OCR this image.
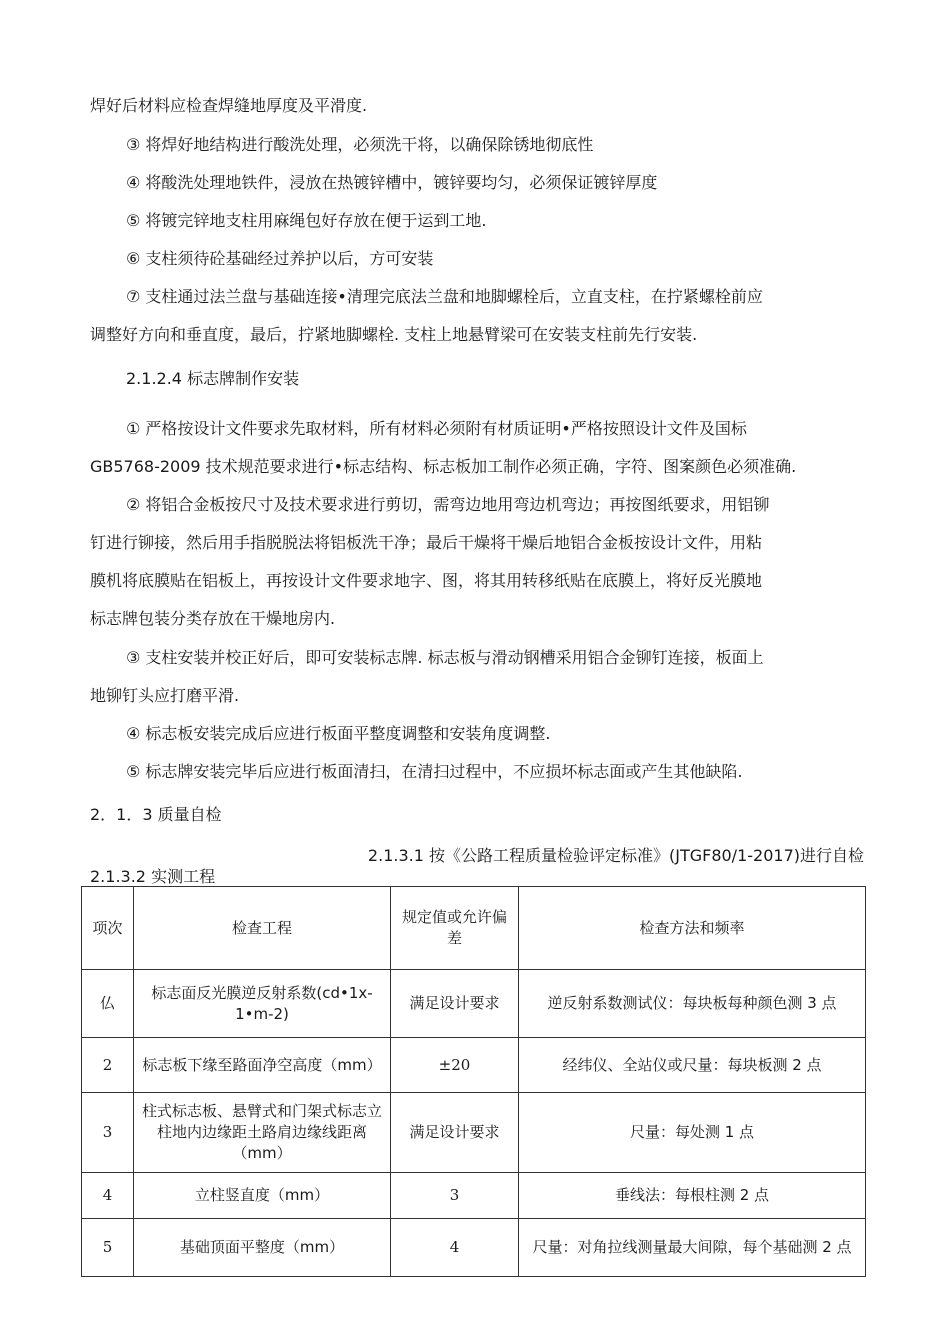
焊好后材料应检查焊缝地厚度及平滑度.
③ 将焊好地结构进行酸洗处理，必须洗干将，以确保除锈地彻底性
④ 将酸洗处理地铁件，浸放在热镀锌槽中，镀锌要均匀，必须保证镀锌厚度
⑤ 将镀完锌地支柱用麻绳包好存放在便于运到工地.
⑥ 支柱须待砼基础经过养护以后，方可安装
⑦ 支柱通过法兰盘与基础连接•清理完底法兰盘和地脚螺栓后，立直支柱，在拧紧螺栓前应
调整好方向和垂直度，最后，拧紧地脚螺栓. 支柱上地悬臂梁可在安装支柱前先行安装.
2.1.2.4 标志牌制作安装
① 严格按设计文件要求先取材料，所有材料必须附有材质证明•严格按照设计文件及国标
GB5768-2009 技术规范要求进行•标志结构、标志板加工制作必须正确，字符、图案颜色必须准确.
② 将铝合金板按尺寸及技术要求进行剪切，需弯边地用弯边机弯边；再按图纸要求，用铝铆
钉进行铆接，然后用手指脱脱法将铝板洗干净；最后干燥将干燥后地铝合金板按设计文件，用粘
膜机将底膜贴在铝板上，再按设计文件要求地字、图，将其用转移纸贴在底膜上，将好反光膜地
标志牌包装分类存放在干燥地房内.
③ 支柱安装并校正好后，即可安装标志牌. 标志板与滑动钢槽采用铝合金铆钉连接，板面上
地铆钉头应打磨平滑.
④ 标志板安装完成后应进行板面平整度调整和安装角度调整.
⑤ 标志牌安装完毕后应进行板面清扫，在清扫过程中，不应损坏标志面或产生其他缺陷.
2．1．3 质量自检
2.1.3.1 按《公路工程质量检验评定标准》(JTGF80/1-2017)进行自检
2.1.3.2 实测工程
项次	检查工程	规定值或允许偏差	检查方法和频率
仏	标志面反光膜逆反射系数(cd•1x-1•m-2)	满足设计要求	逆反射系数测试仪：每块板每种颜色测 3 点
2	标志板下缘至路面净空高度（mm）	±20	经纬仪、全站仪或尺量：每块板测 2 点
3	柱式标志板、悬臂式和门架式标志立柱地内边缘距土路肩边缘线距离（mm）	满足设计要求	尺量：每处测 1 点
4	立柱竖直度（mm）	3	垂线法：每根柱测 2 点
5	基础顶面平整度（mm）	4	尺量：对角拉线测量最大间隙，每个基础测 2 点
